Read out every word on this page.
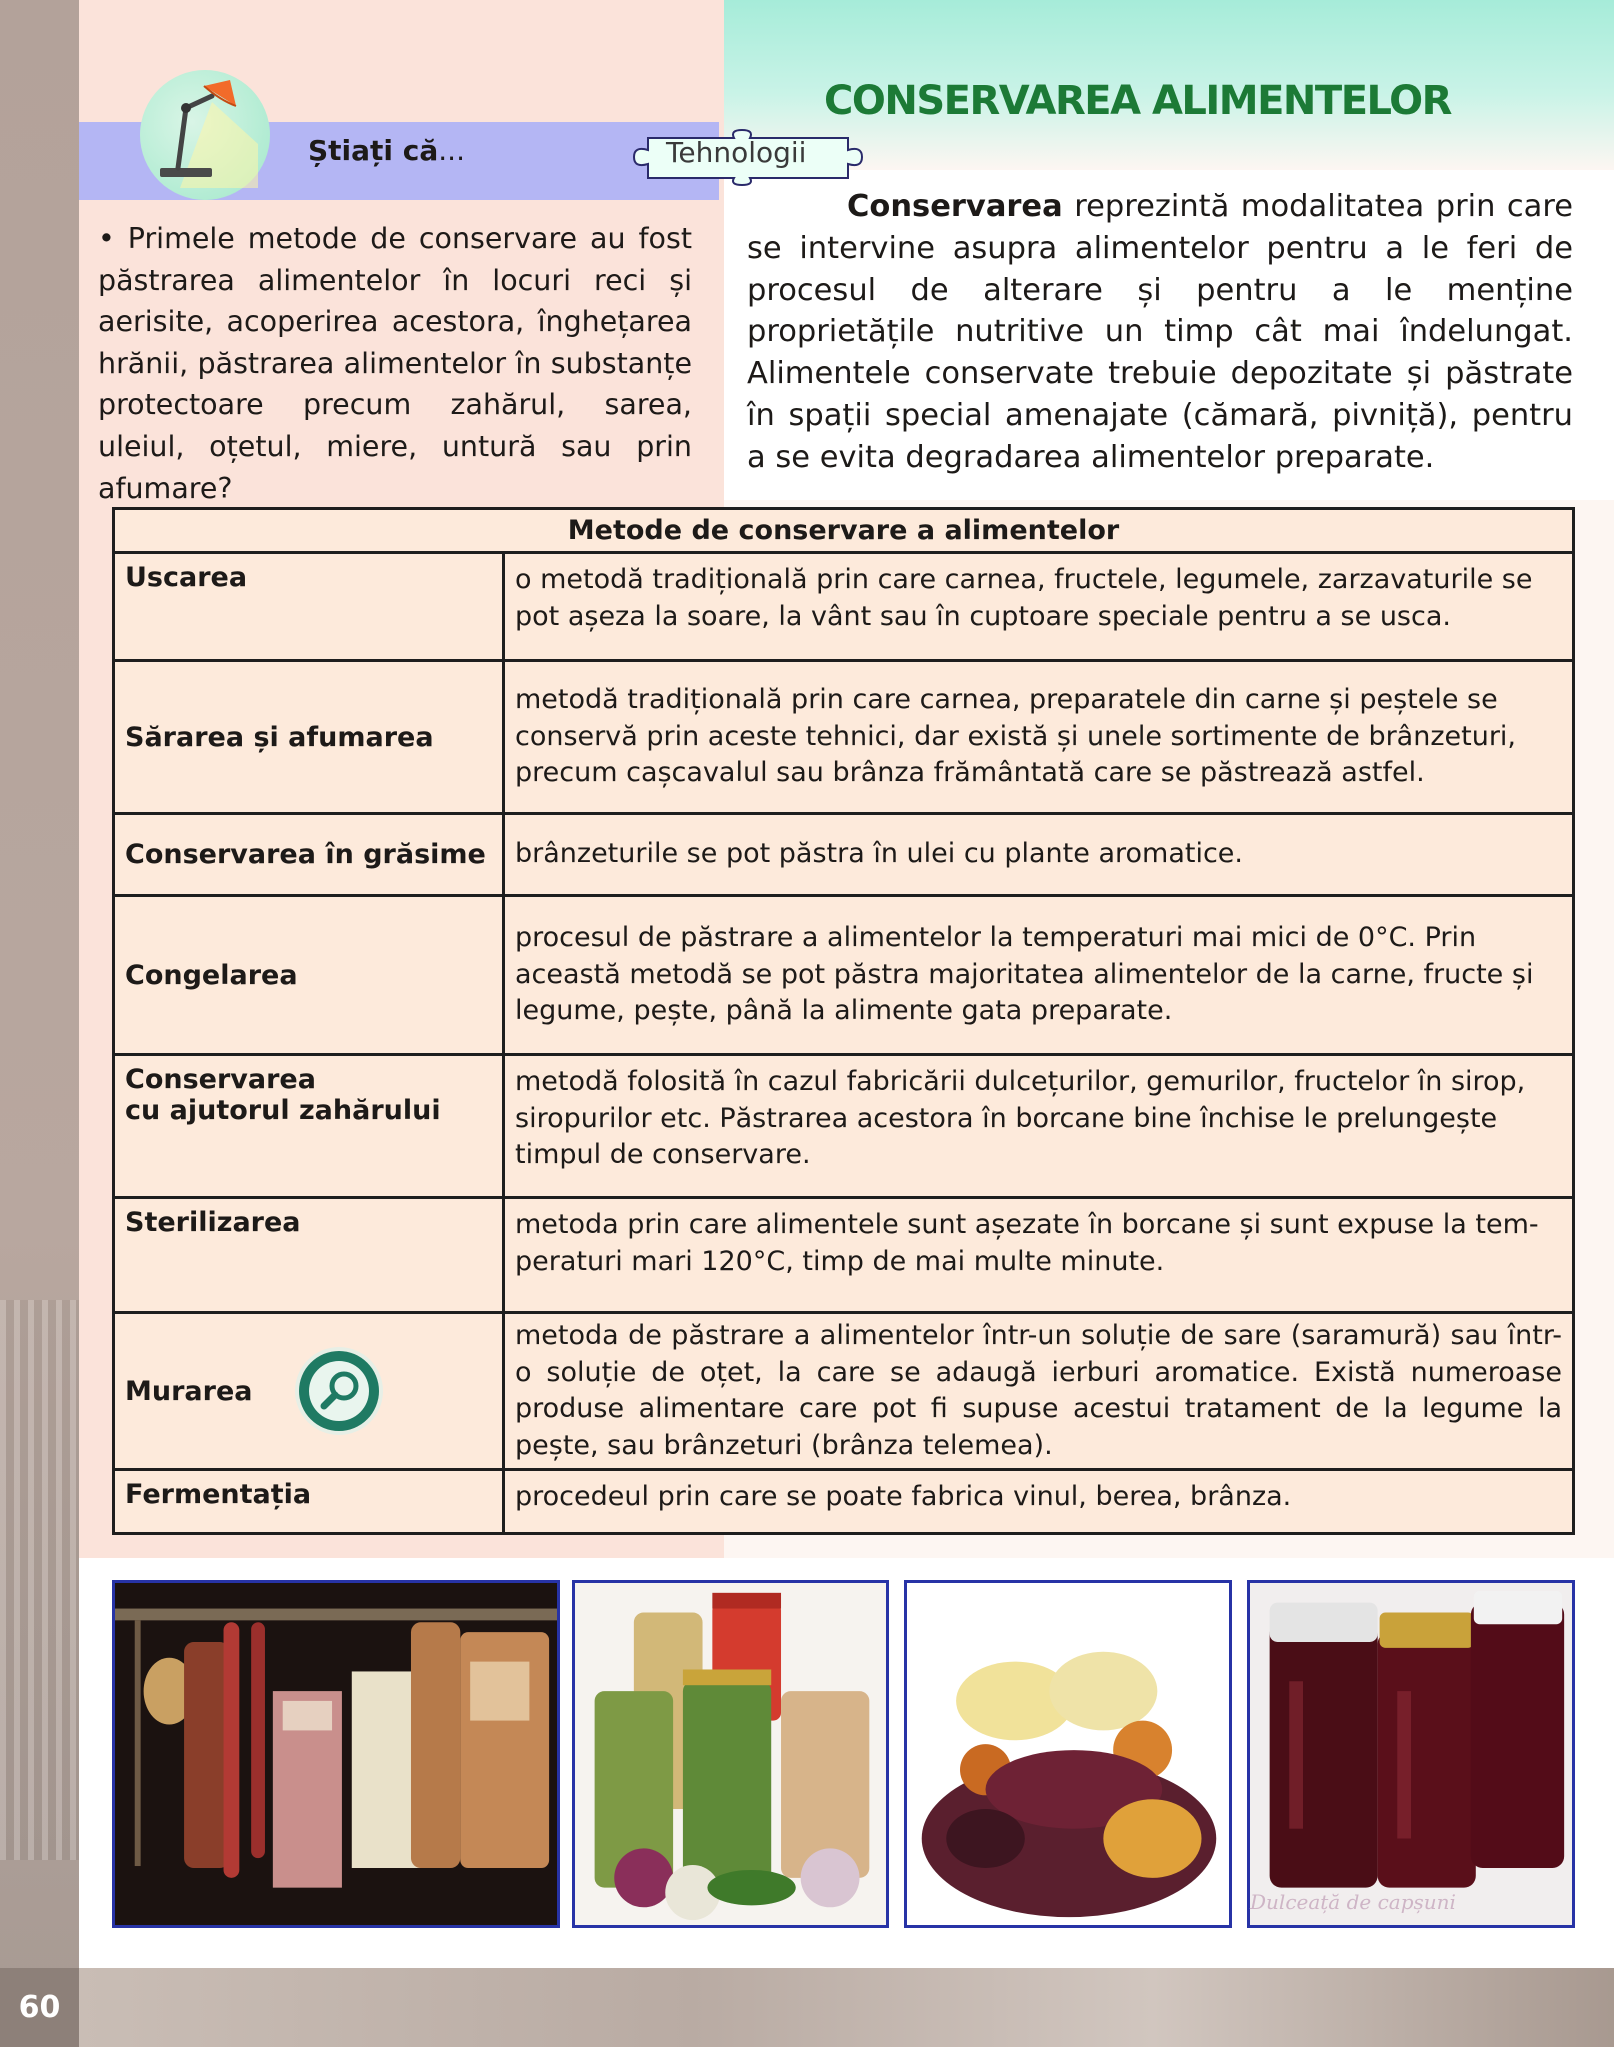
60
Știați că...
• Primele metode de conservare au fost păstrarea alimentelor în locuri reci și aerisite, acoperirea acestora, înghețarea hrănii, păstrarea alimentelor în substanțe protectoare precum zahărul, sarea, uleiul, oțetul, miere, untură sau prin afumare?
Tehnologii
CONSERVAREA ALIMENTELOR
Conservarea reprezintă modalitatea prin care se intervine asupra alimentelor pentru a le feri de procesul de alterare și pentru a le menține proprietățile nutritive un timp cât mai îndelungat. Alimentele conservate trebuie depozitate și păstrate în spații special amenajate (cămară, pivniță), pentru a se evita degradarea alimentelor preparate.
Metode de conservare a alimentelor	
Uscarea	o metodă tradițională prin care carnea, fructele, legumele, zarzavaturile se pot așeza la soare, la vânt sau în cuptoare speciale pentru a se usca.
Sărarea și afumarea	metodă tradițională prin care carnea, preparatele din carne și peștele se conservă prin aceste tehnici, dar există și unele sortimente de brânzeturi, precum cașcavalul sau brânza frământată care se păstrează astfel.
Conservarea în grăsime	brânzeturile se pot păstra în ulei cu plante aromatice.
Congelarea	procesul de păstrare a alimentelor la temperaturi mai mici de 0°C. Prin această metodă se pot păstra majoritatea alimentelor de la carne, fructe și legume, pește, până la alimente gata preparate.
Conservarea
cu ajutorul zahărului	metodă folosită în cazul fabricării dulcețurilor, gemurilor, fructelor în sirop, siropurilor etc. Păstrarea acestora în borcane bine închise le prelungește timpul de conservare.
Sterilizarea	metoda prin care alimentele sunt așezate în borcane și sunt expuse la temperaturi mari 120°C, timp de mai multe minute.

Murarea	metoda de păstrare a alimentelor într-un soluție de sare (saramură) sau într-o soluție de oțet, la care se adaugă ierburi aromatice. Există numeroase produse alimentare care pot fi supuse acestui tratament de la legume la pește, sau brânzeturi (brânza telemea).
Fermentația	procedeul prin care se poate fabrica vinul, berea, brânza.
Dulceață de capșuni
